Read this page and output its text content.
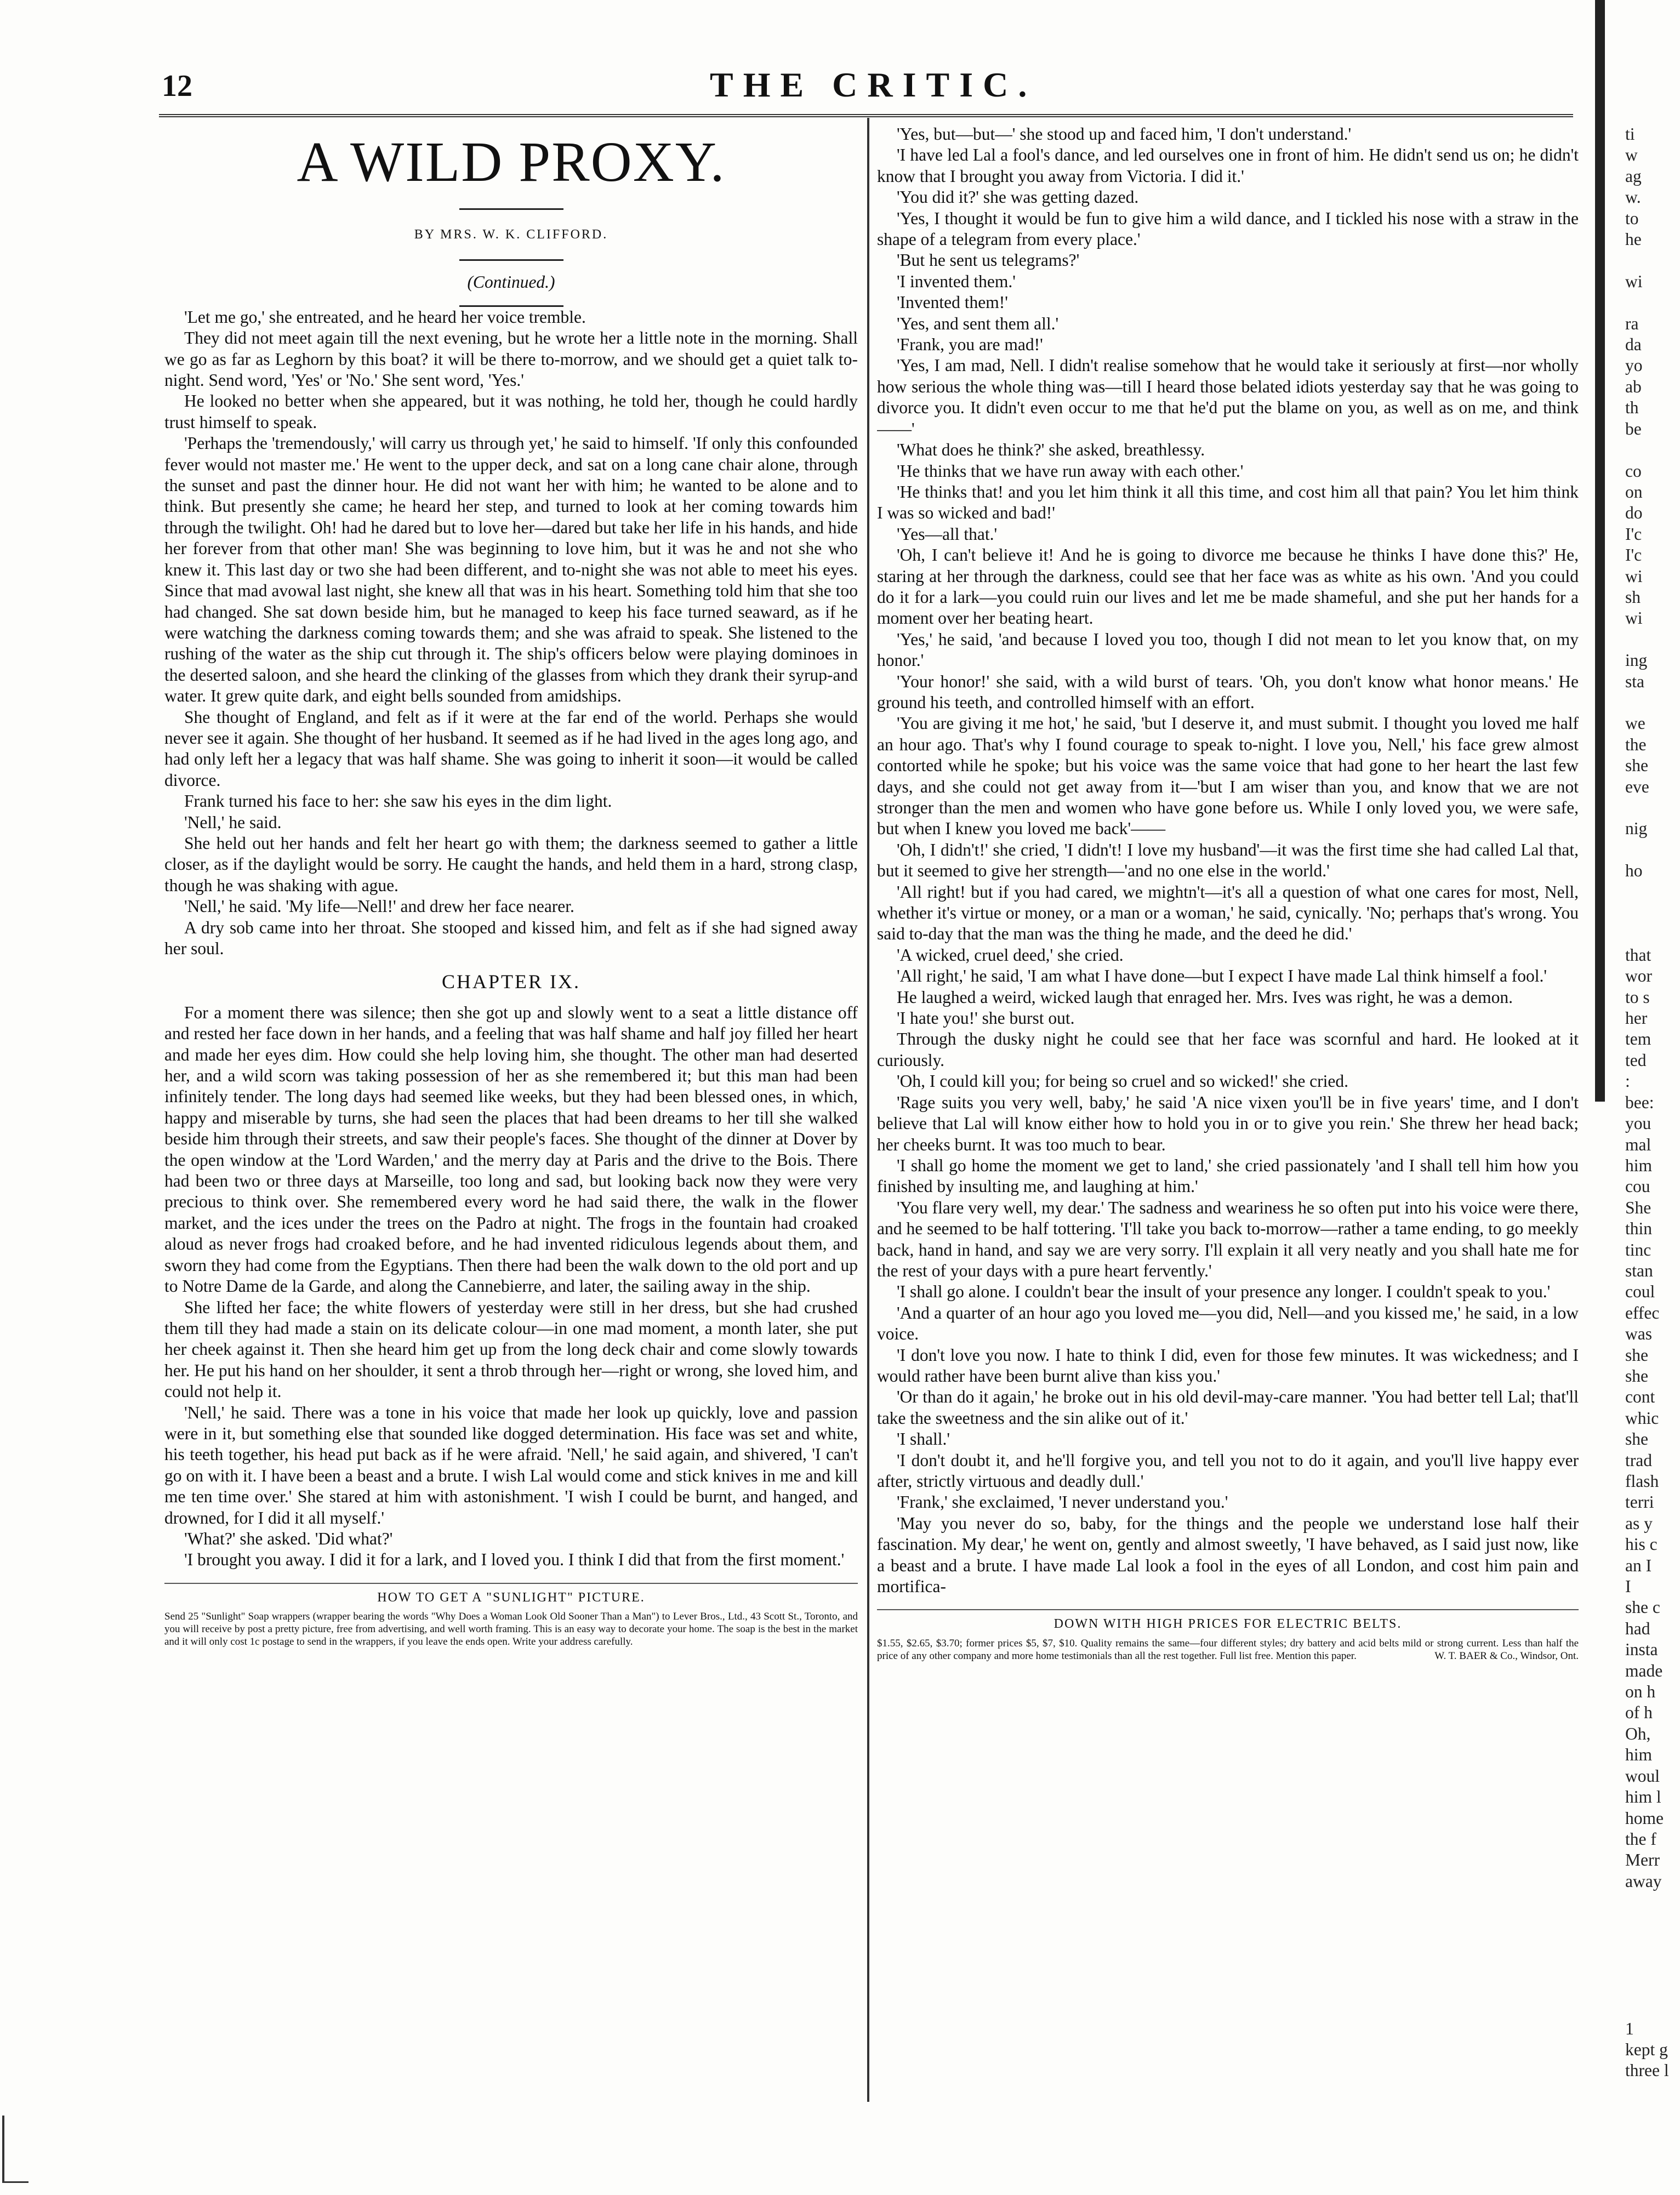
12	THE CRITIC.
A WILD PROXY.
BY MRS. W. K. CLIFFORD.
(Continued.)

'Let me go,' she entreated, and he heard her voice tremble.

They did not meet again till the next evening, but he wrote her a little note in the morning. Shall we go as far as Leghorn by this boat? it will be there to-morrow, and we should get a quiet talk to-night. Send word, 'Yes' or 'No.' She sent word, 'Yes.'

He looked no better when she appeared, but it was nothing, he told her, though he could hardly trust himself to speak.

'Perhaps the 'tremendously,' will carry us through yet,' he said to himself. 'If only this confounded fever would not master me.' He went to the upper deck, and sat on a long cane chair alone, through the sunset and past the dinner hour. He did not want her with him; he wanted to be alone and to think. But presently she came; he heard her step, and turned to look at her coming towards him through the twilight. Oh! had he dared but to love her—dared but take her life in his hands, and hide her forever from that other man! She was beginning to love him, but it was he and not she who knew it. This last day or two she had been different, and to-night she was not able to meet his eyes. Since that mad avowal last night, she knew all that was in his heart. Something told him that she too had changed. She sat down beside him, but he managed to keep his face turned seaward, as if he were watching the darkness coming towards them; and she was afraid to speak. She listened to the rushing of the water as the ship cut through it. The ship's officers below were playing dominoes in the deserted saloon, and she heard the clinking of the glasses from which they drank their syrup-and water. It grew quite dark, and eight bells sounded from amidships.

She thought of England, and felt as if it were at the far end of the world. Perhaps she would never see it again. She thought of her husband. It seemed as if he had lived in the ages long ago, and had only left her a legacy that was half shame. She was going to inherit it soon—it would be called divorce.

Frank turned his face to her: she saw his eyes in the dim light.

'Nell,' he said.

She held out her hands and felt her heart go with them; the darkness seemed to gather a little closer, as if the daylight would be sorry. He caught the hands, and held them in a hard, strong clasp, though he was shaking with ague.

'Nell,' he said. 'My life—Nell!' and drew her face nearer.

A dry sob came into her throat. She stooped and kissed him, and felt as if she had signed away her soul.

CHAPTER IX.

For a moment there was silence; then she got up and slowly went to a seat a little distance off and rested her face down in her hands, and a feeling that was half shame and half joy filled her heart and made her eyes dim. How could she help loving him, she thought. The other man had deserted her, and a wild scorn was taking possession of her as she remembered it; but this man had been infinitely tender. The long days had seemed like weeks, but they had been blessed ones, in which, happy and miserable by turns, she had seen the places that had been dreams to her till she walked beside him through their streets, and saw their people's faces. She thought of the dinner at Dover by the open window at the 'Lord Warden,' and the merry day at Paris and the drive to the Bois. There had been two or three days at Marseille, too long and sad, but looking back now they were very precious to think over. She remembered every word he had said there, the walk in the flower market, and the ices under the trees on the Padro at night. The frogs in the fountain had croaked aloud as never frogs had croaked before, and he had invented ridiculous legends about them, and sworn they had come from the Egyptians. Then there had been the walk down to the old port and up to Notre Dame de la Garde, and along the Cannebierre, and later, the sailing away in the ship.

She lifted her face; the white flowers of yesterday were still in her dress, but she had crushed them till they had made a stain on its delicate colour—in one mad moment, a month later, she put her cheek against it. Then she heard him get up from the long deck chair and come slowly towards her. He put his hand on her shoulder, it sent a throb through her—right or wrong, she loved him, and could not help it.

'Nell,' he said. There was a tone in his voice that made her look up quickly, love and passion were in it, but something else that sounded like dogged determination. His face was set and white, his teeth together, his head put back as if he were afraid. 'Nell,' he said again, and shivered, 'I can't go on with it. I have been a beast and a brute. I wish Lal would come and stick knives in me and kill me ten time over.' She stared at him with astonishment. 'I wish I could be burnt, and hanged, and drowned, for I did it all myself.'

'What?' she asked. 'Did what?'

'I brought you away. I did it for a lark, and I loved you. I think I did that from the first moment.'

HOW TO GET A "SUNLIGHT" PICTURE.
Send 25 "Sunlight" Soap wrappers (wrapper bearing the words "Why Does a Woman Look Old Sooner Than a Man") to Lever Bros., Ltd., 43 Scott St., Toronto, and you will receive by post a pretty picture, free from advertising, and well worth framing. This is an easy way to decorate your home. The soap is the best in the market and it will only cost 1c postage to send in the wrappers, if you leave the ends open. Write your address carefully.

'Yes, but—but—' she stood up and faced him, 'I don't understand.'

'I have led Lal a fool's dance, and led ourselves one in front of him. He didn't send us on; he didn't know that I brought you away from Victoria. I did it.'

'You did it?' she was getting dazed.

'Yes, I thought it would be fun to give him a wild dance, and I tickled his nose with a straw in the shape of a telegram from every place.'

'But he sent us telegrams?'

'I invented them.'

'Invented them!'

'Yes, and sent them all.'

'Frank, you are mad!'

'Yes, I am mad, Nell. I didn't realise somehow that he would take it seriously at first—nor wholly how serious the whole thing was—till I heard those belated idiots yesterday say that he was going to divorce you. It didn't even occur to me that he'd put the blame on you, as well as on me, and think——'

'What does he think?' she asked, breathlessy.

'He thinks that we have run away with each other.'

'He thinks that! and you let him think it all this time, and cost him all that pain? You let him think I was so wicked and bad!'

'Yes—all that.'

'Oh, I can't believe it! And he is going to divorce me because he thinks I have done this?' He, staring at her through the darkness, could see that her face was as white as his own. 'And you could do it for a lark—you could ruin our lives and let me be made shameful, and she put her hands for a moment over her beating heart.

'Yes,' he said, 'and because I loved you too, though I did not mean to let you know that, on my honor.'

'Your honor!' she said, with a wild burst of tears. 'Oh, you don't know what honor means.' He ground his teeth, and controlled himself with an effort.

'You are giving it me hot,' he said, 'but I deserve it, and must submit. I thought you loved me half an hour ago. That's why I found courage to speak to-night. I love you, Nell,' his face grew almost contorted while he spoke; but his voice was the same voice that had gone to her heart the last few days, and she could not get away from it—'but I am wiser than you, and know that we are not stronger than the men and women who have gone before us. While I only loved you, we were safe, but when I knew you loved me back'——

'Oh, I didn't!' she cried, 'I didn't! I love my husband'—it was the first time she had called Lal that, but it seemed to give her strength—'and no one else in the world.'

'All right! but if you had cared, we mightn't—it's all a question of what one cares for most, Nell, whether it's virtue or money, or a man or a woman,' he said, cynically. 'No; perhaps that's wrong. You said to-day that the man was the thing he made, and the deed he did.'

'A wicked, cruel deed,' she cried.

'All right,' he said, 'I am what I have done—but I expect I have made Lal think himself a fool.'

He laughed a weird, wicked laugh that enraged her. Mrs. Ives was right, he was a demon.

'I hate you!' she burst out.

Through the dusky night he could see that her face was scornful and hard. He looked at it curiously.

'Oh, I could kill you; for being so cruel and so wicked!' she cried.

'Rage suits you very well, baby,' he said 'A nice vixen you'll be in five years' time, and I don't believe that Lal will know either how to hold you in or to give you rein.' She threw her head back; her cheeks burnt. It was too much to bear.

'I shall go home the moment we get to land,' she cried passionately 'and I shall tell him how you finished by insulting me, and laughing at him.'

'You flare very well, my dear.' The sadness and weariness he so often put into his voice were there, and he seemed to be half tottering. 'I'll take you back to-morrow—rather a tame ending, to go meekly back, hand in hand, and say we are very sorry. I'll explain it all very neatly and you shall hate me for the rest of your days with a pure heart fervently.'

'I shall go alone. I couldn't bear the insult of your presence any longer. I couldn't speak to you.'

'And a quarter of an hour ago you loved me—you did, Nell—and you kissed me,' he said, in a low voice.

'I don't love you now. I hate to think I did, even for those few minutes. It was wickedness; and I would rather have been burnt alive than kiss you.'

'Or than do it again,' he broke out in his old devil-may-care manner. 'You had better tell Lal; that'll take the sweetness and the sin alike out of it.'

'I shall.'

'I don't doubt it, and he'll forgive you, and tell you not to do it again, and you'll live happy ever after, strictly virtuous and deadly dull.'

'Frank,' she exclaimed, 'I never understand you.'

'May you never do so, baby, for the things and the people we understand lose half their fascination. My dear,' he went on, gently and almost sweetly, 'I have behaved, as I said just now, like a beast and a brute. I have made Lal look a fool in the eyes of all London, and cost him pain and mortifica-

DOWN WITH HIGH PRICES FOR ELECTRIC BELTS.
$1.55, $2.65, $3.70; former prices $5, $7, $10. Quality remains the same—four different styles; dry battery and acid belts mild or strong current. Less than half the price of any other company and more home testimonials than all the rest together. Full list free. Mention this paper.	W. T. BAER & Co., Windsor, Ont.
ti
w
ag
w.
to
he

wi

ra
da
yo
ab
th
be

co
on
do
I'c
I'c
wi
sh
wi

ing
sta

we
the
she
eve

nig

ho

that
wor
to s
her
tem
ted
:
bee:
you
mal
him
cou
She
thin
tinc
stan
coul
effec
was
she
she
cont
whic
she
trad
flash
terri
as y
his c
an I
I
she c
had
insta
made
on h
of h
Oh,
him
woul
him l
home
the f
Merr
away

1
kept g
three l
